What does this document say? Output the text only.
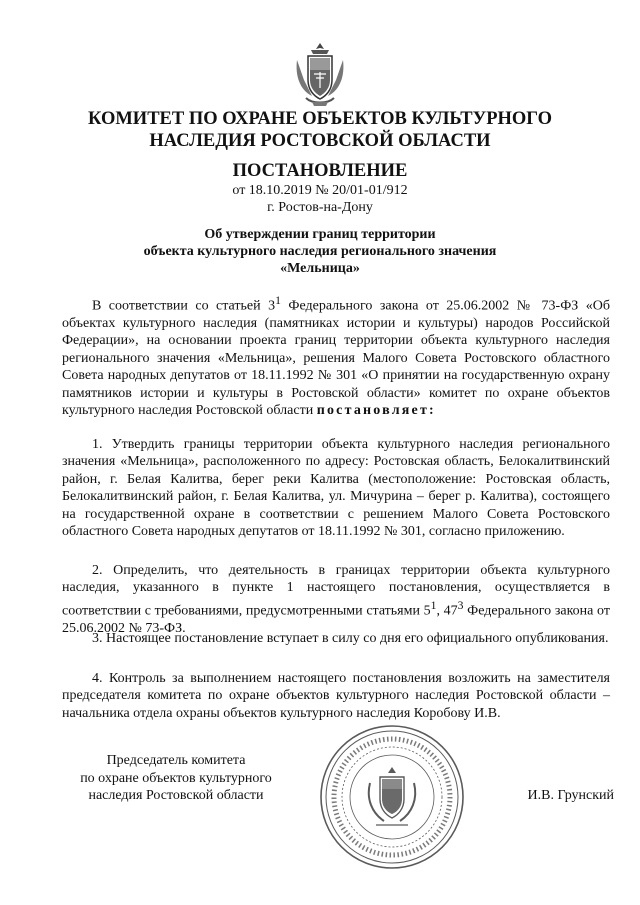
КОМИТЕТ ПО ОХРАНЕ ОБЪЕКТОВ КУЛЬТУРНОГО
НАСЛЕДИЯ РОСТОВСКОЙ ОБЛАСТИ
ПОСТАНОВЛЕНИЕ
от 18.10.2019 № 20/01-01/912
г. Ростов-на-Дону
Об утверждении границ территории
объекта культурного наследия регионального значения
«Мельница»

В соответствии со статьей $3^1$ Федерального закона от 25.06.2002 № 73-ФЗ «Об объектах культурного наследия (памятниках истории и культуры) народов Российской Федерации», на основании проекта границ территории объекта культурного наследия регионального значения «Мельница», решения Малого Совета Ростовского областного Совета народных депутатов от 18.11.1992 № 301 «О принятии на государственную охрану памятников истории и культуры в Ростовской области» комитет по охране объектов культурного наследия Ростовской области постановляет:

1. Утвердить границы территории объекта культурного наследия регионального значения «Мельница», расположенного по адресу: Ростовская область, Белокалитвинский район, г. Белая Калитва, берег реки Калитва (местоположение: Ростовская область, Белокалитвинский район, г. Белая Калитва, ул. Мичурина – берег р. Калитва), состоящего на государственной охране в соответствии с решением Малого Совета Ростовского областного Совета народных депутатов от 18.11.1992 № 301, согласно приложению.

2. Определить, что деятельность в границах территории объекта культурного наследия, указанного в пункте 1 настоящего постановления, осуществляется в соответствии с требованиями, предусмотренными статьями $5^1$, $47^3$ Федерального закона от 25.06.2002 № 73-ФЗ.

3. Настоящее постановление вступает в силу со дня его официального опубликования.

4. Контроль за выполнением настоящего постановления возложить на заместителя председателя комитета по охране объектов культурного наследия Ростовской области – начальника отдела охраны объектов культурного наследия Коробову И.В.

Председатель комитета
по охране объектов культурного
наследия Ростовской области	И.В. Грунский
